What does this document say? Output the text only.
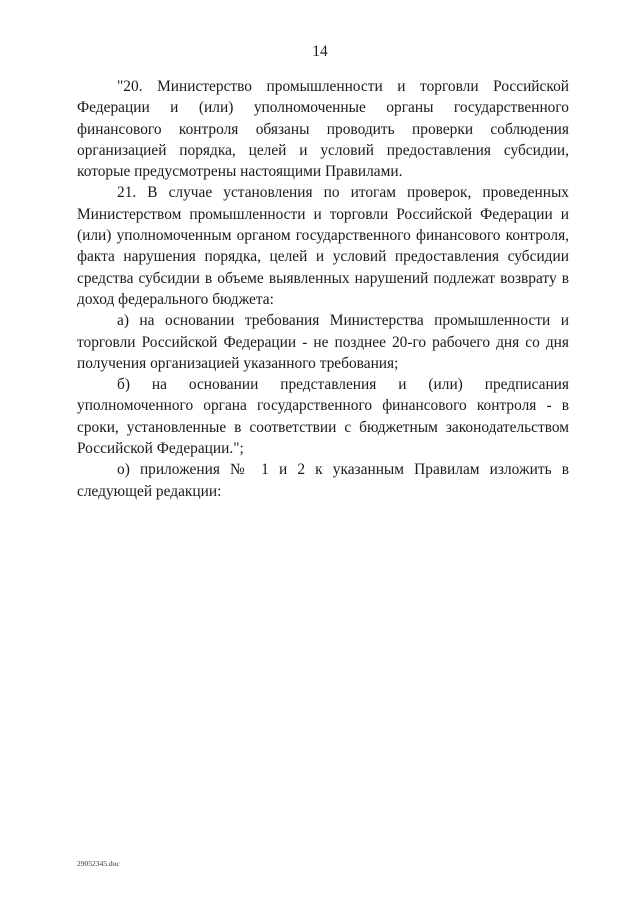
14

"20. Министерство промышленности и торговли Российской Федерации и (или) уполномоченные органы государственного финансового контроля обязаны проводить проверки соблюдения организацией порядка, целей и условий предоставления субсидии, которые предусмотрены настоящими Правилами.

21. В случае установления по итогам проверок, проведенных Министерством промышленности и торговли Российской Федерации и (или) уполномоченным органом государственного финансового контроля, факта нарушения порядка, целей и условий предоставления субсидии средства субсидии в объеме выявленных нарушений подлежат возврату в доход федерального бюджета:

а) на основании требования Министерства промышленности и торговли Российской Федерации - не позднее 20-го рабочего дня со дня получения организацией указанного требования;

б) на основании представления и (или) предписания уполномоченного органа государственного финансового контроля - в сроки, установленные в соответствии с бюджетным законодательством Российской Федерации.";

о) приложения № 1 и 2 к указанным Правилам изложить в следующей редакции:

29052345.doc
